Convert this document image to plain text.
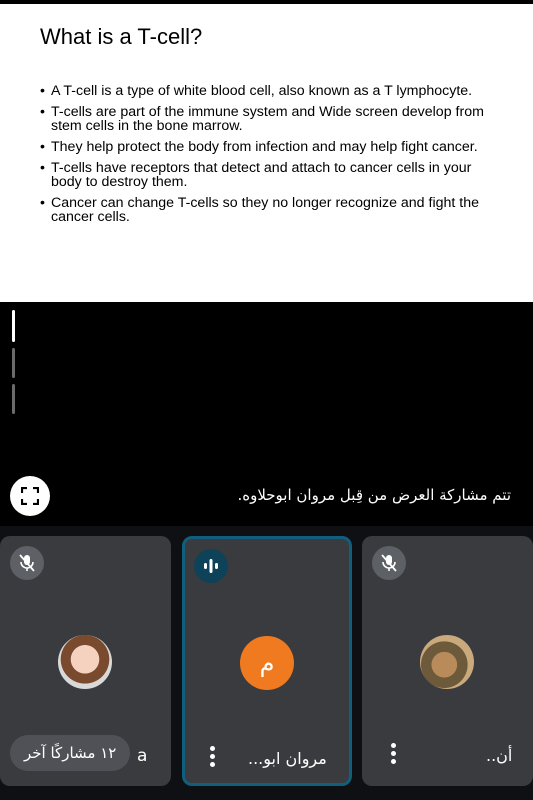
What is a T-cell?
• A T-cell is a type of white blood cell, also known as a T lymphocyte.
• T-cells are part of the immune system and Wide screen develop from stem cells in the bone marrow.
• They help protect the body from infection and may help fight cancer.
• T-cells have receptors that detect and attach to cancer cells in your body to destroy them.
• Cancer can change T-cells so they no longer recognize and fight the cancer cells.
تتم مشاركة العرض من قِبل مروان ابوحلاوه.
١٢ مشاركًا آخر	a
م
مروان ابو...	أن..
